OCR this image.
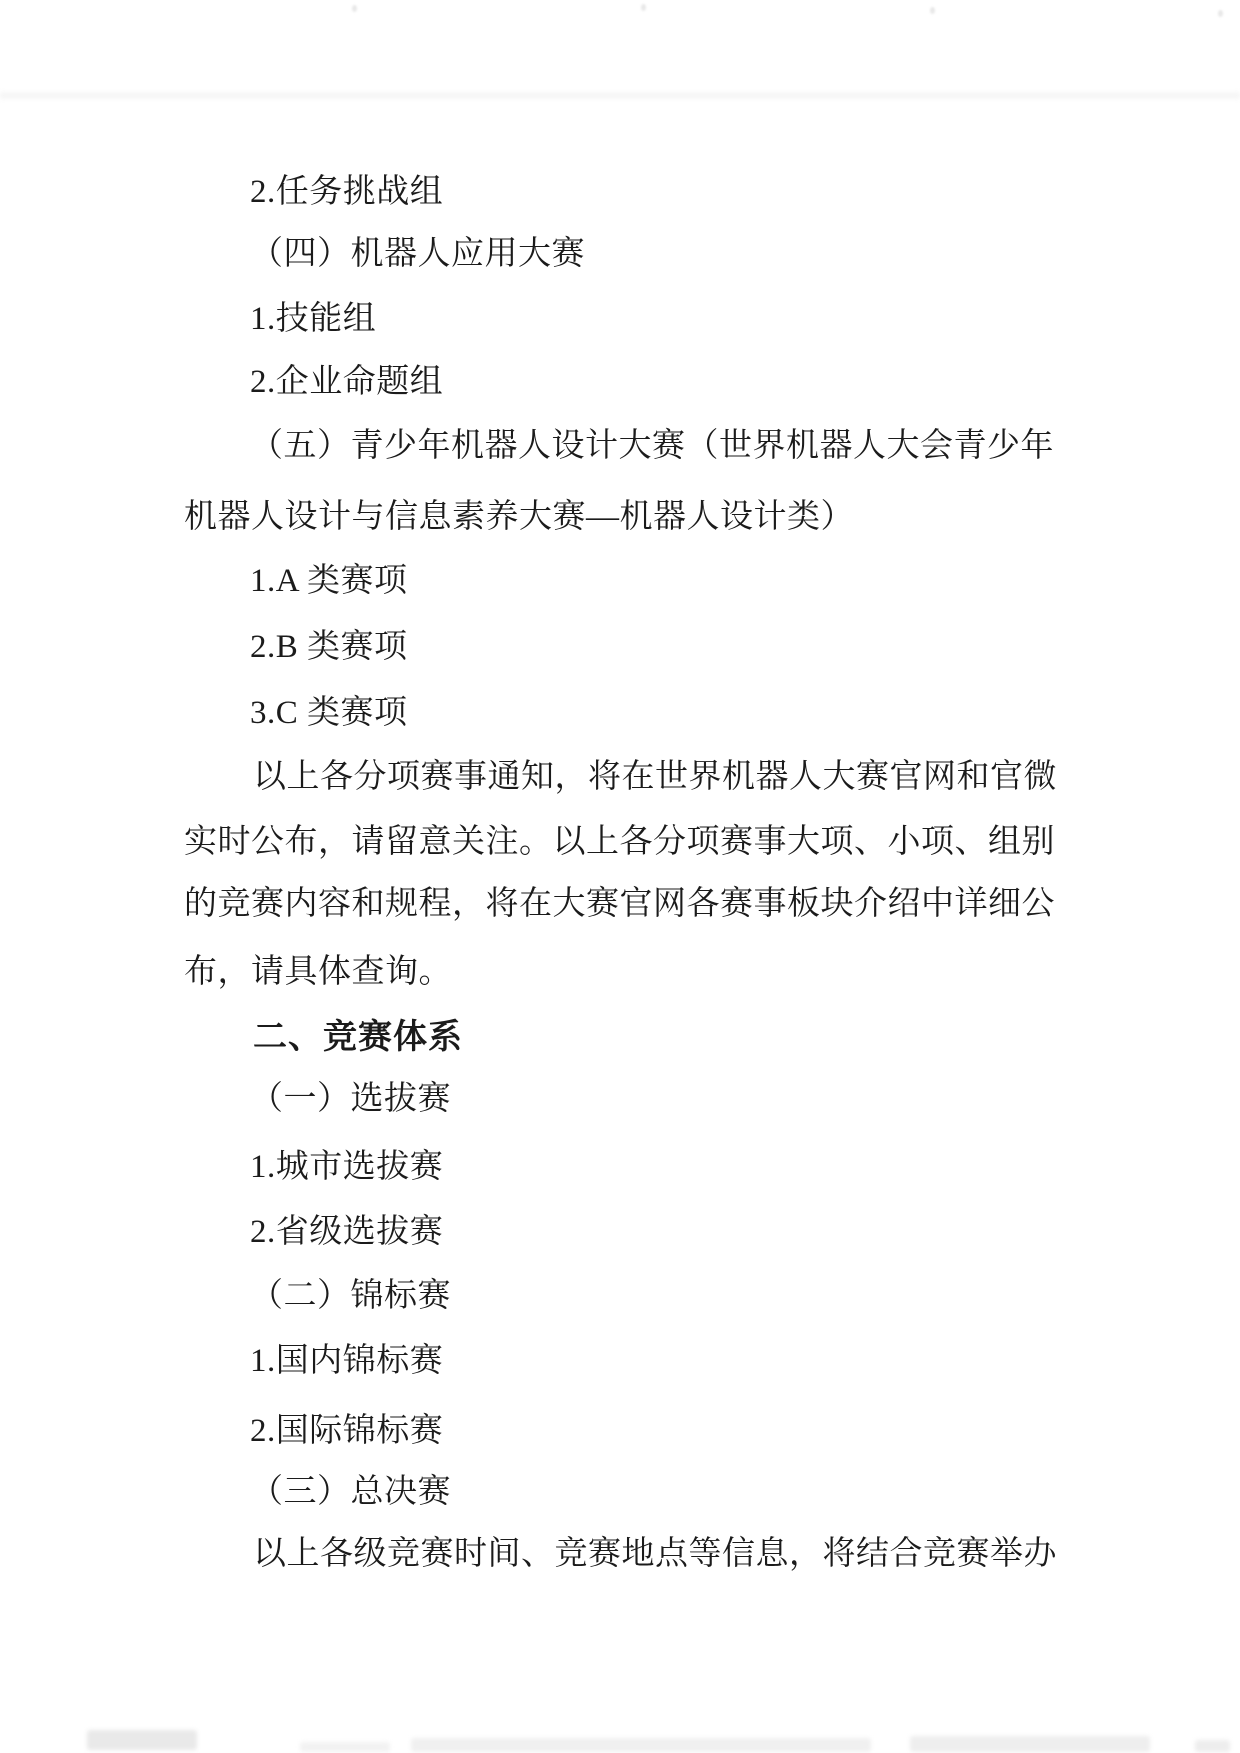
2.任务挑战组
（四）机器人应用大赛
1.技能组
2.企业命题组
（五）青少年机器人设计大赛（世界机器人大会青少年
机器人设计与信息素养大赛—机器人设计类）
1.A 类赛项
2.B 类赛项
3.C 类赛项
以上各分项赛事通知，将在世界机器人大赛官网和官微
实时公布，请留意关注。以上各分项赛事大项、小项、组别
的竞赛内容和规程，将在大赛官网各赛事板块介绍中详细公
布，请具体查询。
二、竞赛体系
（一）选拔赛
1.城市选拔赛
2.省级选拔赛
（二）锦标赛
1.国内锦标赛
2.国际锦标赛
（三）总决赛
以上各级竞赛时间、竞赛地点等信息，将结合竞赛举办
